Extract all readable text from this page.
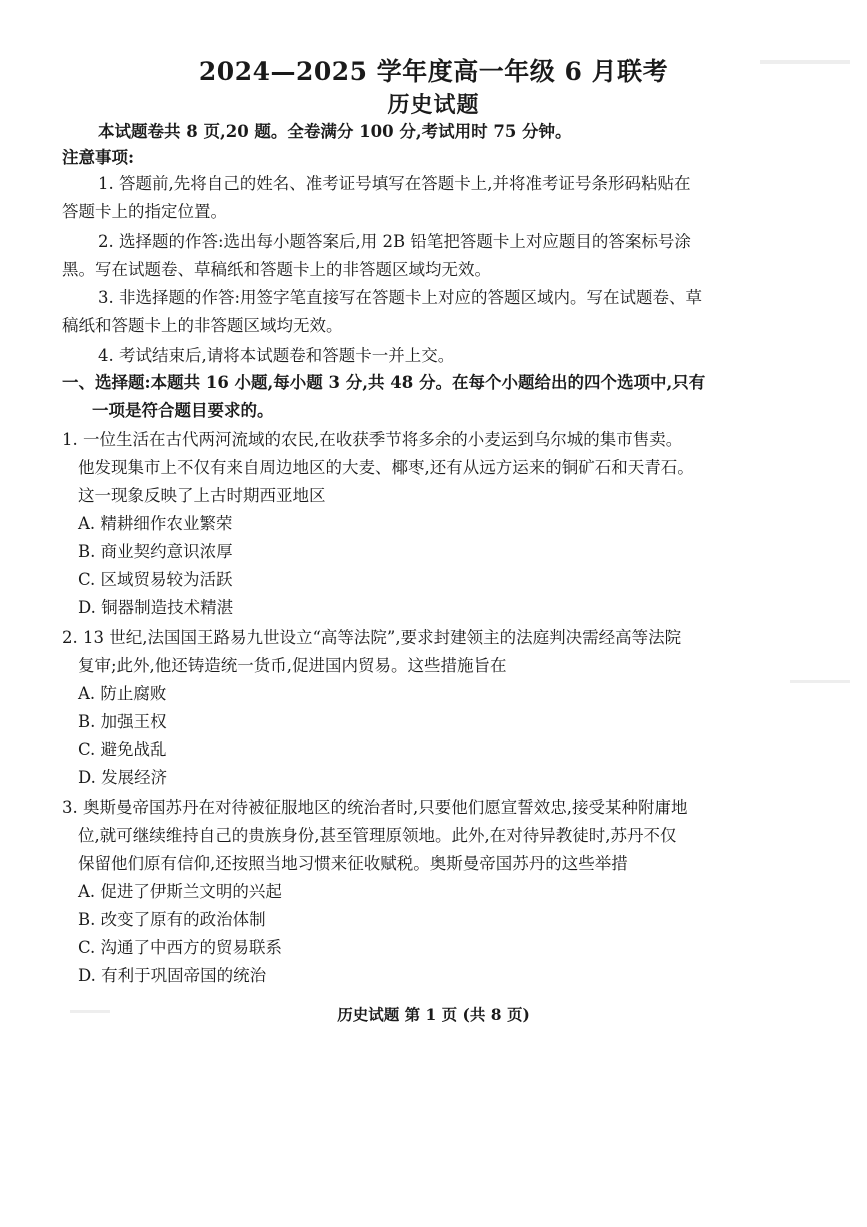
2024—2025 学年度高一年级 6 月联考
历史试题
本试题卷共 8 页,20 题。全卷满分 100 分,考试用时 75 分钟。
注意事项:
1. 答题前,先将自己的姓名、准考证号填写在答题卡上,并将准考证号条形码粘贴在
答题卡上的指定位置。
2. 选择题的作答:选出每小题答案后,用 2B 铅笔把答题卡上对应题目的答案标号涂
黑。写在试题卷、草稿纸和答题卡上的非答题区域均无效。
3. 非选择题的作答:用签字笔直接写在答题卡上对应的答题区域内。写在试题卷、草
稿纸和答题卡上的非答题区域均无效。
4. 考试结束后,请将本试题卷和答题卡一并上交。
一、选择题:本题共 16 小题,每小题 3 分,共 48 分。在每个小题给出的四个选项中,只有
一项是符合题目要求的。
1. 一位生活在古代两河流域的农民,在收获季节将多余的小麦运到乌尔城的集市售卖。
他发现集市上不仅有来自周边地区的大麦、椰枣,还有从远方运来的铜矿石和天青石。
这一现象反映了上古时期西亚地区
A. 精耕细作农业繁荣
B. 商业契约意识浓厚
C. 区域贸易较为活跃
D. 铜器制造技术精湛
2. 13 世纪,法国国王路易九世设立“高等法院”,要求封建领主的法庭判决需经高等法院
复审;此外,他还铸造统一货币,促进国内贸易。这些措施旨在
A. 防止腐败
B. 加强王权
C. 避免战乱
D. 发展经济
3. 奥斯曼帝国苏丹在对待被征服地区的统治者时,只要他们愿宣誓效忠,接受某种附庸地
位,就可继续维持自己的贵族身份,甚至管理原领地。此外,在对待异教徒时,苏丹不仅
保留他们原有信仰,还按照当地习惯来征收赋税。奥斯曼帝国苏丹的这些举措
A. 促进了伊斯兰文明的兴起
B. 改变了原有的政治体制
C. 沟通了中西方的贸易联系
D. 有利于巩固帝国的统治
历史试题 第 1 页 (共 8 页)
